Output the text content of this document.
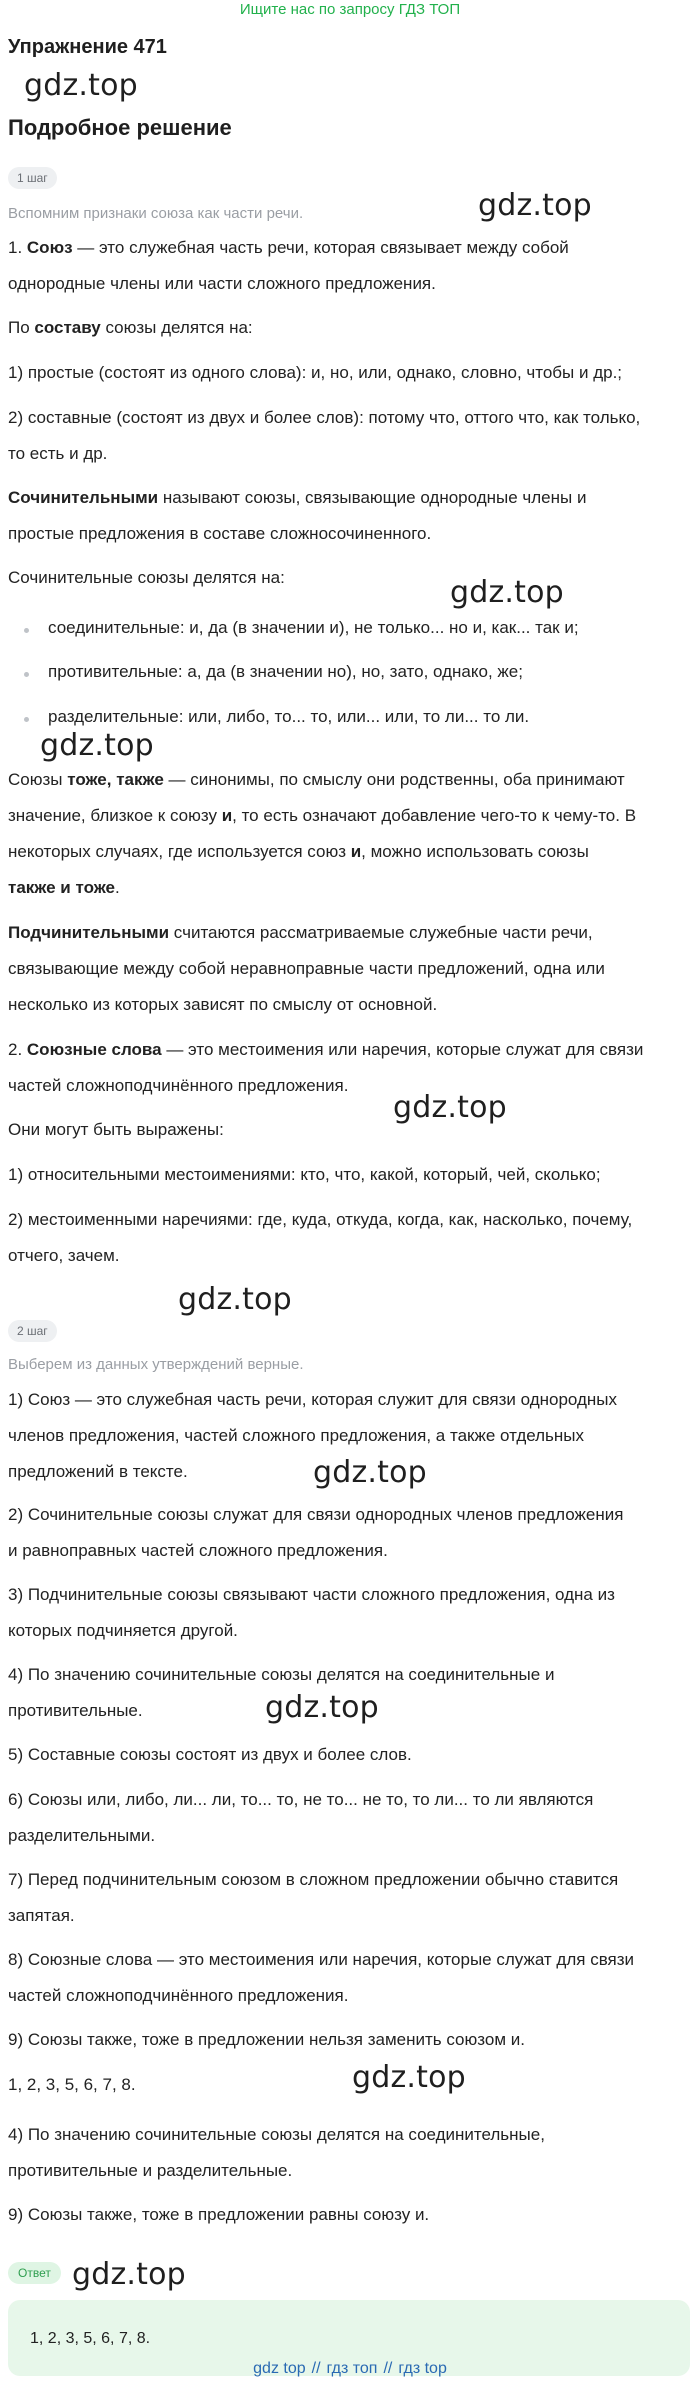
Ищите нас по запросу ГДЗ ТОП
Упражнение 471
gdz.top
Подробное решение
1 шаг
Вспомним признаки союза как части речи.	gdz.top
1. Союз — это служебная часть речи, которая связывает между собой
однородные члены или части сложного предложения.
По составу союзы делятся на:
1) простые (состоят из одного слова): и, но, или, однако, словно, чтобы и др.;
2) составные (состоят из двух и более слов): потому что, оттого что, как только,
то есть и др.
Сочинительными называют союзы, связывающие однородные члены и
простые предложения в составе сложносочиненного.
Сочинительные союзы делятся на:	gdz.top
соединительные: и, да (в значении и), не только... но и, как... так и;
противительные: а, да (в значении но), но, зато, однако, же;
разделительные: или, либо, то... то, или... или, то ли... то ли.
gdz.top
Союзы тоже, также — синонимы, по смыслу они родственны, оба принимают
значение, близкое к союзу и, то есть означают добавление чего-то к чему-то. В
некоторых случаях, где используется союз и, можно использовать союзы
также и тоже.
Подчинительными считаются рассматриваемые служебные части речи,
связывающие между собой неравноправные части предложений, одна или
несколько из которых зависят по смыслу от основной.
2. Союзные слова — это местоимения или наречия, которые служат для связи
частей сложноподчинённого предложения.
gdz.top
Они могут быть выражены:
1) относительными местоимениями: кто, что, какой, который, чей, сколько;
2) местоименными наречиями: где, куда, откуда, когда, как, насколько, почему,
отчего, зачем.
gdz.top
2 шаг
Выберем из данных утверждений верные.
1) Союз — это служебная часть речи, которая служит для связи однородных
членов предложения, частей сложного предложения, а также отдельных
предложений в тексте.	gdz.top
2) Сочинительные союзы служат для связи однородных членов предложения
и равноправных частей сложного предложения.
3) Подчинительные союзы связывают части сложного предложения, одна из
которых подчиняется другой.
4) По значению сочинительные союзы делятся на соединительные и
противительные.	gdz.top
5) Составные союзы состоят из двух и более слов.
6) Союзы или, либо, ли... ли, то... то, не то... не то, то ли... то ли являются
разделительными.
7) Перед подчинительным союзом в сложном предложении обычно ставится
запятая.
8) Союзные слова — это местоимения или наречия, которые служат для связи
частей сложноподчинённого предложения.
9) Союзы также, тоже в предложении нельзя заменить союзом и.
gdz.top
1, 2, 3, 5, 6, 7, 8.
4) По значению сочинительные союзы делятся на соединительные,
противительные и разделительные.
9) Союзы также, тоже в предложении равны союзу и.
Ответ gdz.top
1, 2, 3, 5, 6, 7, 8.
gdz top // гдз топ // гдз top
